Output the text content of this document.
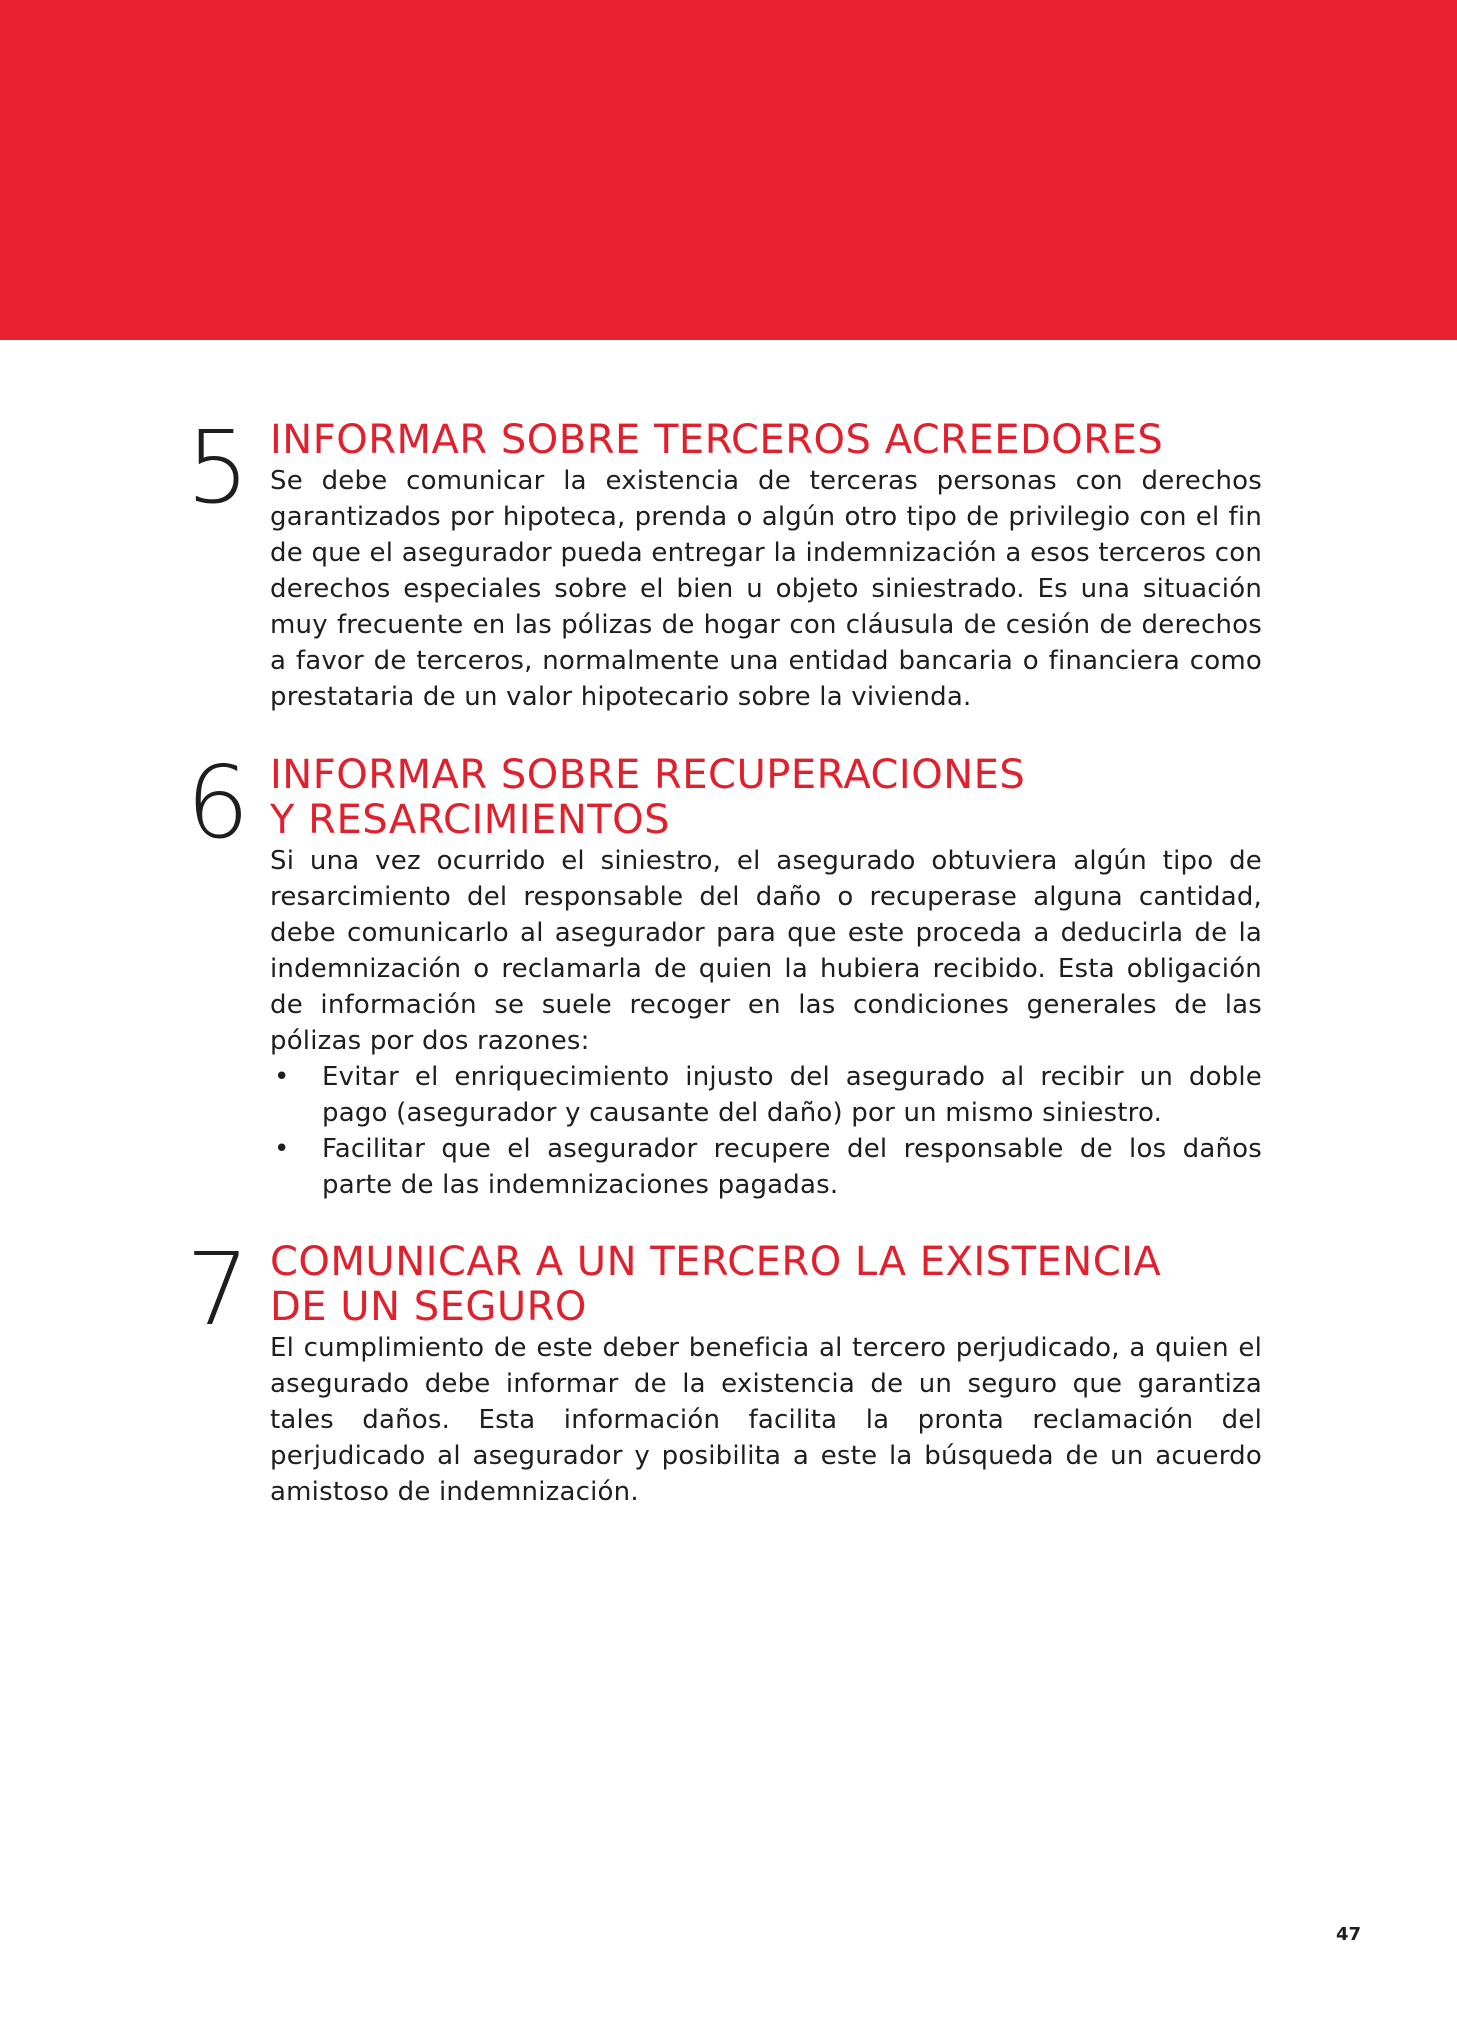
5 INFORMAR SOBRE TERCEROS ACREEDORES

Se debe comunicar la existencia de terceras personas con derechos garantizados por hipoteca, prenda o algún otro tipo de privilegio con el fin de que el asegurador pueda entregar la indemnización a esos terceros con derechos especiales sobre el bien u objeto siniestrado. Es una situación muy frecuente en las pólizas de hogar con cláusula de cesión de derechos a favor de terceros, normalmente una entidad bancaria o financiera como prestataria de un valor hipotecario sobre la vivienda.

6 INFORMAR SOBRE RECUPERACIONES
Y RESARCIMIENTOS

Si una vez ocurrido el siniestro, el asegurado obtuviera algún tipo de resarcimiento del responsable del daño o recuperase alguna cantidad, debe comunicarlo al asegurador para que este proceda a deducirla de la indemnización o reclamarla de quien la hubiera recibido. Esta obligación de información se suele recoger en las condiciones generales de las pólizas por dos razones:

• Evitar el enriquecimiento injusto del asegurado al recibir un doble pago (asegurador y causante del daño) por un mismo siniestro.
• Facilitar que el asegurador recupere del responsable de los daños parte de las indemnizaciones pagadas.
7 COMUNICAR A UN TERCERO LA EXISTENCIA
DE UN SEGURO

El cumplimiento de este deber beneficia al tercero perjudicado, a quien el asegurado debe informar de la existencia de un seguro que garantiza tales daños. Esta información facilita la pronta reclamación del perjudicado al asegurador y posibilita a este la búsqueda de un acuerdo amistoso de indemnización.

47
